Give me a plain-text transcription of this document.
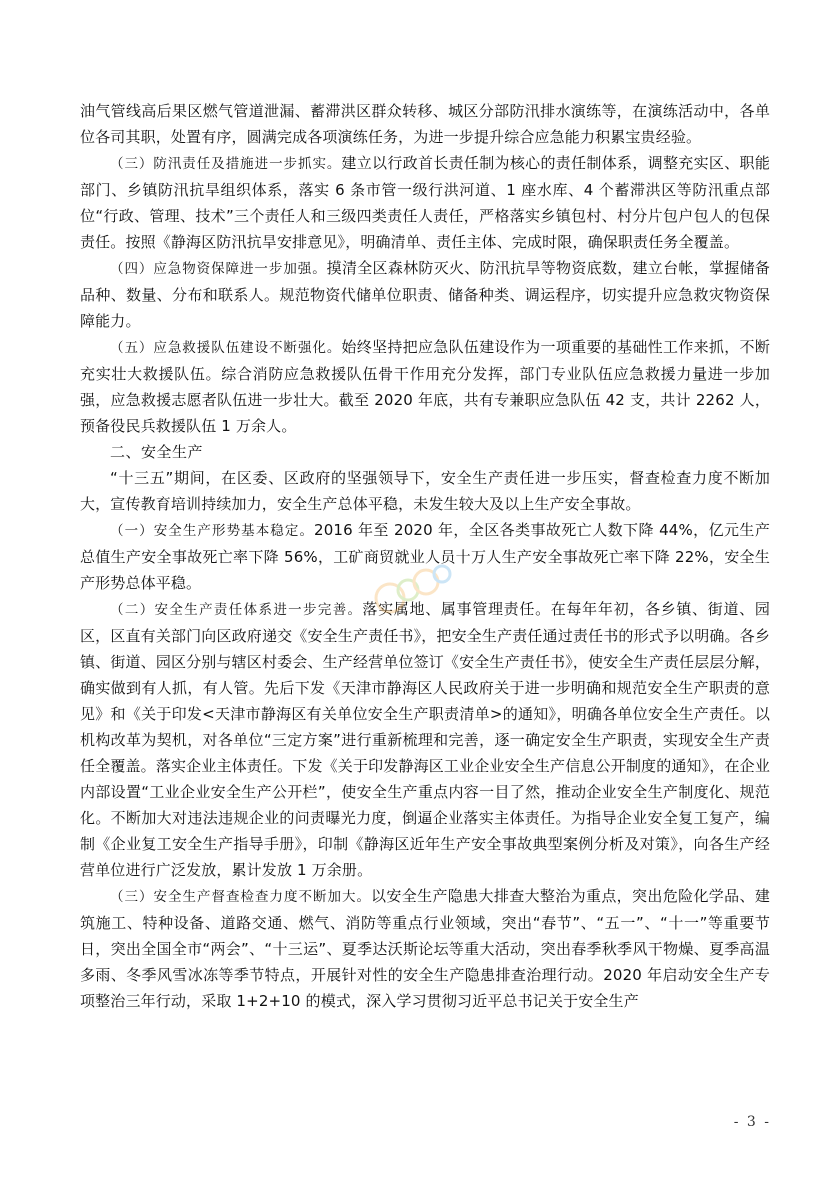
油气管线高后果区燃气管道泄漏、蓄滞洪区群众转移、城区分部防汛排水演练等，在演练活动中，各单位各司其职，处置有序，圆满完成各项演练任务，为进一步提升综合应急能力积累宝贵经验。

（三）防汛责任及措施进一步抓实。建立以行政首长责任制为核心的责任制体系，调整充实区、职能部门、乡镇防汛抗旱组织体系，落实 6 条市管一级行洪河道、1 座水库、4 个蓄滞洪区等防汛重点部位“行政、管理、技术”三个责任人和三级四类责任人责任，严格落实乡镇包村、村分片包户包人的包保责任。按照《静海区防汛抗旱安排意见》，明确清单、责任主体、完成时限，确保职责任务全覆盖。

（四）应急物资保障进一步加强。摸清全区森林防灭火、防汛抗旱等物资底数，建立台帐，掌握储备品种、数量、分布和联系人。规范物资代储单位职责、储备种类、调运程序，切实提升应急救灾物资保障能力。

（五）应急救援队伍建设不断强化。始终坚持把应急队伍建设作为一项重要的基础性工作来抓，不断充实壮大救援队伍。综合消防应急救援队伍骨干作用充分发挥，部门专业队伍应急救援力量进一步加强，应急救援志愿者队伍进一步壮大。截至 2020 年底，共有专兼职应急队伍 42 支，共计 2262 人，预备役民兵救援队伍 1 万余人。

二、安全生产

“十三五”期间，在区委、区政府的坚强领导下，安全生产责任进一步压实，督查检查力度不断加大，宣传教育培训持续加力，安全生产总体平稳，未发生较大及以上生产安全事故。

（一）安全生产形势基本稳定。2016 年至 2020 年，全区各类事故死亡人数下降 44%，亿元生产总值生产安全事故死亡率下降 56%，工矿商贸就业人员十万人生产安全事故死亡率下降 22%，安全生产形势总体平稳。

（二）安全生产责任体系进一步完善。落实属地、属事管理责任。在每年年初，各乡镇、街道、园区，区直有关部门向区政府递交《安全生产责任书》，把安全生产责任通过责任书的形式予以明确。各乡镇、街道、园区分别与辖区村委会、生产经营单位签订《安全生产责任书》，使安全生产责任层层分解，确实做到有人抓，有人管。先后下发《天津市静海区人民政府关于进一步明确和规范安全生产职责的意见》和《关于印发<天津市静海区有关单位安全生产职责清单>的通知》，明确各单位安全生产责任。以机构改革为契机，对各单位“三定方案”进行重新梳理和完善，逐一确定安全生产职责，实现安全生产责任全覆盖。落实企业主体责任。下发《关于印发静海区工业企业安全生产信息公开制度的通知》，在企业内部设置“工业企业安全生产公开栏”，使安全生产重点内容一目了然，推动企业安全生产制度化、规范化。不断加大对违法违规企业的问责曝光力度，倒逼企业落实主体责任。为指导企业安全复工复产，编制《企业复工安全生产指导手册》，印制《静海区近年生产安全事故典型案例分析及对策》，向各生产经营单位进行广泛发放，累计发放 1 万余册。

（三）安全生产督查检查力度不断加大。以安全生产隐患大排查大整治为重点，突出危险化学品、建筑施工、特种设备、道路交通、燃气、消防等重点行业领域，突出“春节”、“五一”、“十一”等重要节日，突出全国全市“两会”、“十三运”、夏季达沃斯论坛等重大活动，突出春季秋季风干物燥、夏季高温多雨、冬季风雪冰冻等季节特点，开展针对性的安全生产隐患排查治理行动。2020 年启动安全生产专项整治三年行动，采取 1+2+10 的模式，深入学习贯彻习近平总书记关于安全生产

- 3 -
